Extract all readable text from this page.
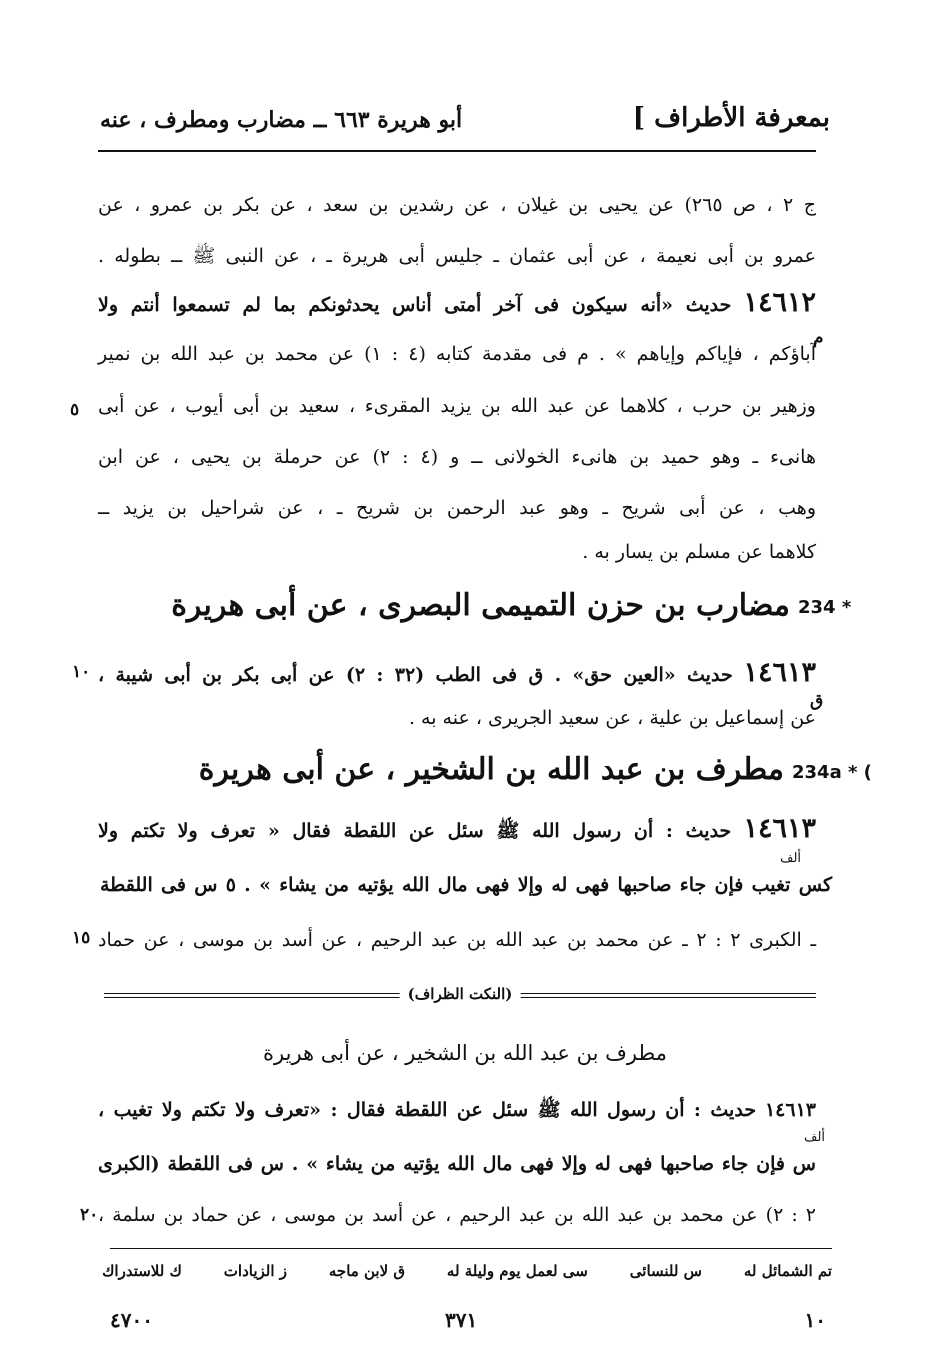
بمعرفة الأطراف ]
أبو هريرة ٦٦٣ ــ مضارب ومطرف ، عنه
ج ٢ ، ص ٢٦٥) عن يحيى بن غيلان ، عن رشدين بن سعد ، عن بكر بن عمرو ، عن
عمرو بن أبى نعيمة ، عن أبى عثمان ـ جليس أبى هريرة ـ ، عن النبى ﷺ ــ بطوله .
١٤٦١٢ حديث «أنه سيكون فى آخر أمتى أناس يحدثونكم بما لم تسمعوا أنتم ولا
آباؤكم ، فإياكم وإياهم » . م فى مقدمة كتابه (٤ : ١) عن محمد بن عبد الله بن نمير
وزهير بن حرب ، كلاهما عن عبد الله بن يزيد المقرىء ، سعيد بن أبى أيوب ، عن أبى
هانىء ـ وهو حميد بن هانىء الخولانى ــ و (٤ : ٢) عن حرملة بن يحيى ، عن ابن
وهب ، عن أبى شريح ـ وهو عبد الرحمن بن شريح ـ ، عن شراحيل بن يزيد ــ
كلاهما عن مسلم بن يسار به .
م
٥
234 *
مضارب بن حزن التميمى البصرى ، عن أبى هريرة
١٤٦١٣ حديث «العين حق» . ق فى الطب (٣٢ : ٢) عن أبى بكر بن أبى شيبة ،
عن إسماعيل بن علية ، عن سعيد الجريرى ، عنه به .
ق
١٠
234a * (
مطرف بن عبد الله بن الشخير ، عن أبى هريرة
١٤٦١٣ حديث : أن رسول الله ﷺ سئل عن اللقطة فقال « تعرف ولا تكتم ولا
ألف
كس تغيب فإن جاء صاحبها فهى له وإلا فهى مال الله يؤتيه من يشاء » . ٥ س فى اللقطة
ـ الكبرى ٢ : ٢ ـ عن محمد بن عبد الله بن عبد الرحيم ، عن أسد بن موسى ، عن حماد
١٥
(النكت الظراف)
مطرف بن عبد الله بن الشخير ، عن أبى هريرة
١٤٦١٣ حديث : أن رسول الله ﷺ سئل عن اللقطة فقال : «تعرف ولا تكتم ولا تغيب ،
ألف
س فإن جاء صاحبها فهى له وإلا فهى مال الله يؤتيه من يشاء » . س فى اللقطة (الكبرى
٢ : ٢) عن محمد بن عبد الله بن عبد الرحيم ، عن أسد بن موسى ، عن حماد بن سلمة ،
٢٠
تم الشمائل له
س للنسائى
سى لعمل يوم وليلة له
ق لابن ماجه
ز الزيادات
ك للاستدراك
١٠
٣٧١
٤٧٠٠
